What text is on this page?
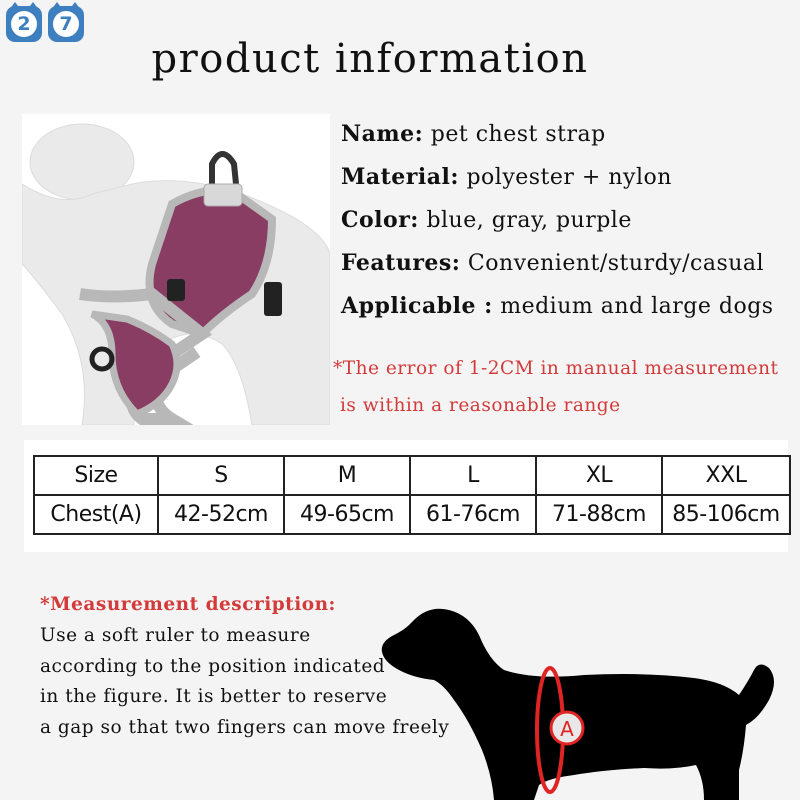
2	7
product information
Name: pet chest strap
Material: polyester + nylon
Color: blue, gray, purple
Features: Convenient/sturdy/casual
Applicable : medium and large dogs
*The error of 1-2CM in manual measurement
is within a reasonable range
Size	S	M	L	XL	XXL
Chest(A)	42-52cm	49-65cm	61-76cm	71-88cm	85-106cm
*Measurement description:
Use a soft ruler to measure
according to the position indicated
in the figure. It is better to reserve
a gap so that two fingers can move freely	A
